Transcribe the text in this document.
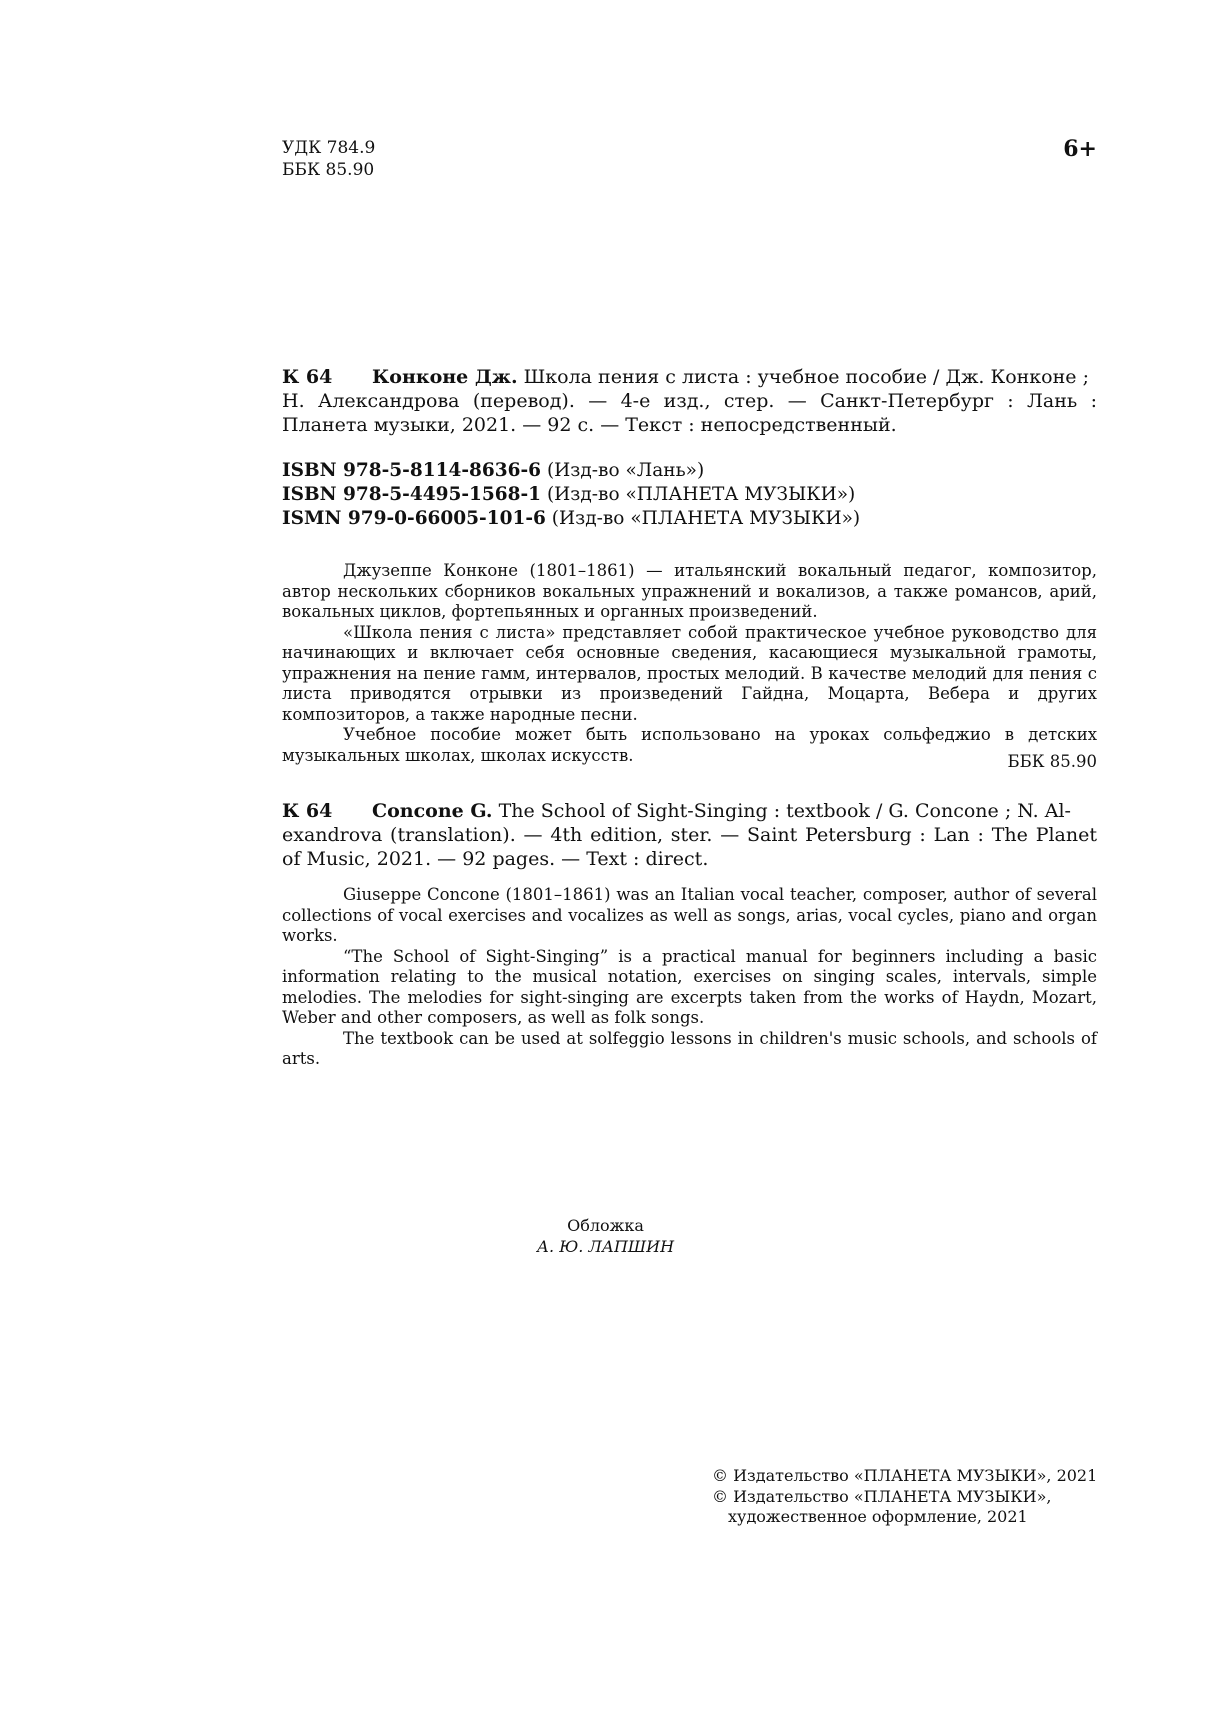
УДК 784.9
ББК 85.90
6+
К 64 Конконе Дж. Школа пения с листа : учебное пособие / Дж. Конконе ;
Н. Александрова (перевод). — 4-е изд., стер. — Санкт-Петербург : Лань : Планета музыки, 2021. — 92 с. — Текст : непосредственный.
ISBN 978-5-8114-8636-6 (Изд-во «Лань»)
ISBN 978-5-4495-1568-1 (Изд-во «ПЛАНЕТА МУЗЫКИ»)
ISMN 979-0-66005-101-6 (Изд-во «ПЛАНЕТА МУЗЫКИ»)

Джузеппе Конконе (1801–1861) — итальянский вокальный педагог, композитор, автор нескольких сборников вокальных упражнений и вокализов, а также романсов, арий, вокальных циклов, фортепьянных и органных произведений.

«Школа пения с листа» представляет собой практическое учебное руководство для начинающих и включает себя основные сведения, касающиеся музыкальной грамоты, упражнения на пение гамм, интервалов, простых мелодий. В качестве мелодий для пения с листа приводятся отрывки из произведений Гайдна, Моцарта, Вебера и других композиторов, а также народные песни.

Учебное пособие может быть использовано на уроках сольфеджио в детских музыкальных школах, школах искусств.	ББК 85.90
К 64 Concone G. The School of Sight-Singing : textbook / G. Concone ; N. Al-
exandrova (translation). — 4th edition, ster. — Saint Petersburg : Lan : The Planet of Music, 2021. — 92 pages. — Text : direct.

Giuseppe Concone (1801–1861) was an Italian vocal teacher, composer, author of several collections of vocal exercises and vocalizes as well as songs, arias, vocal cycles, piano and organ works.

“The School of Sight-Singing” is a practical manual for beginners including a basic information relating to the musical notation, exercises on singing scales, intervals, simple melodies. The melodies for sight-singing are excerpts taken from the works of Haydn, Mozart, Weber and other composers, as well as folk songs.

The textbook can be used at solfeggio lessons in children's music schools, and schools of arts.

Обложка
А. Ю. ЛАПШИН
© Издательство «ПЛАНЕТА МУЗЫКИ», 2021
© Издательство «ПЛАНЕТА МУЗЫКИ»,
художественное оформление, 2021
